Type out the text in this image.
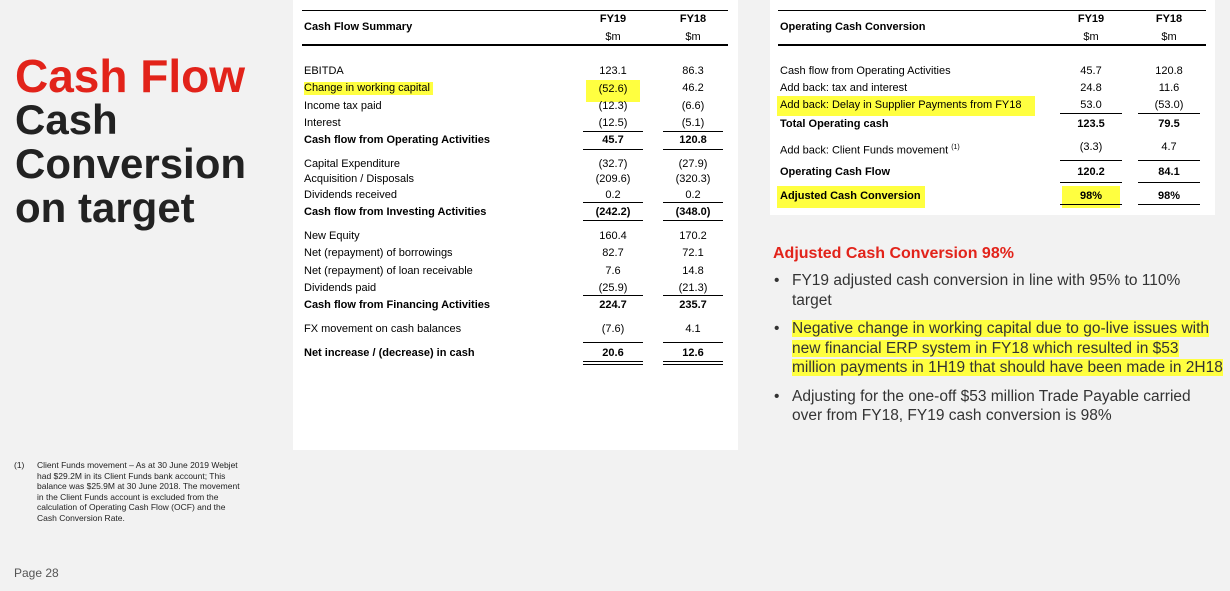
Cash Flow
Cash
Conversion
on target
(1) Client Funds movement – As at 30 June 2019 Webjet had $29.2M in its Client Funds bank account; This balance was $25.9M at 30 June 2018. The movement in the Client Funds account is excluded from the calculation of Operating Cash Flow (OCF) and the Cash Conversion Rate.
Page 28
Cash Flow Summary
FY19	FY18
$m	$m
EBITDA	123.1	86.3
Change in working capital	(52.6)	46.2
Income tax paid	(12.3)	(6.6)
Interest	(12.5)	(5.1)
Cash flow from Operating Activities	45.7	120.8
Capital Expenditure	(32.7)	(27.9)
Acquisition / Disposals	(209.6)	(320.3)
Dividends received	0.2	0.2
Cash flow from Investing Activities	(242.2)	(348.0)
New Equity	160.4	170.2
Net (repayment) of borrowings	82.7	72.1
Net (repayment) of loan receivable	7.6	14.8
Dividends paid	(25.9)	(21.3)
Cash flow from Financing Activities	224.7	235.7
FX movement on cash balances	(7.6)	4.1
Net increase / (decrease) in cash	20.6	12.6
Operating Cash Conversion
FY19	FY18
$m	$m
Cash flow from Operating Activities	45.7	120.8
Add back: tax and interest	24.8	11.6
Add back: Delay in Supplier Payments from FY18	53.0	(53.0)
Total Operating cash	123.5	79.5
Add back: Client Funds movement $^{(1)}$	(3.3)	4.7
Operating Cash Flow	120.2	84.1
Adjusted Cash Conversion	98%	98%
Adjusted Cash Conversion 98%
• FY19 adjusted cash conversion in line with 95% to 110% target
• Negative change in working capital due to go-live issues with new financial ERP system in FY18 which resulted in $53 million payments in 1H19 that should have been made in 2H18
• Adjusting for the one-off $53 million Trade Payable carried over from FY18, FY19 cash conversion is 98%
